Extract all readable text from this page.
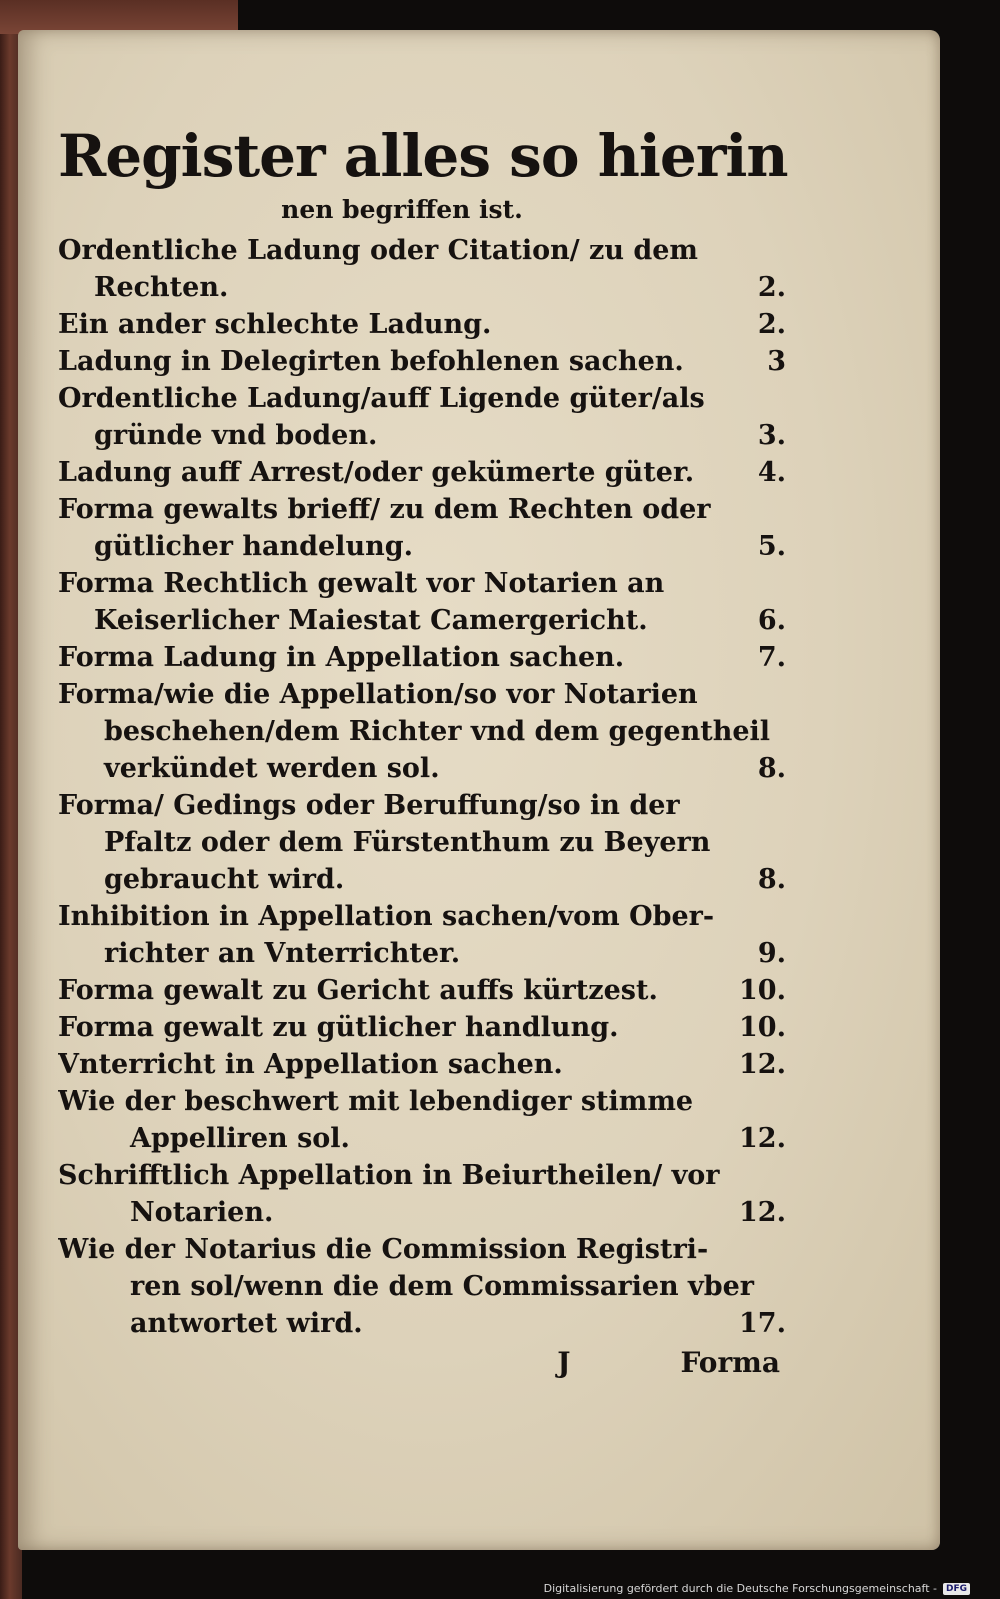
Register alles so hierin
nen begriffen ist.
Ordentliche Ladung oder Citation/ zu dem
Rechten.	2.
Ein ander schlechte Ladung.	2.
Ladung in Delegirten befohlenen sachen.	3
Ordentliche Ladung/auff Ligende güter/als
gründe vnd boden.	3.
Ladung auff Arrest/oder gekümerte güter. 4.
Forma gewalts brieff/ zu dem Rechten oder
gütlicher handelung.	5.
Forma Rechtlich gewalt vor Notarien an
Keiserlicher Maiestat Camergericht.	6.
Forma Ladung in Appellation sachen.	7.
Forma/wie die Appellation/so vor Notarien
beschehen/dem Richter vnd dem gegentheil
verkündet werden sol.	8.
Forma/ Gedings oder Beruffung/so in der
Pfaltz oder dem Fürstenthum zu Beyern
gebraucht wird.	8.
Inhibition in Appellation sachen/vom Ober-
richter an Vnterrichter.	9.
Forma gewalt zu Gericht auffs kürtzest.	10.
Forma gewalt zu gütlicher handlung.	10.
Vnterricht in Appellation sachen.	12.
Wie der beschwert mit lebendiger stimme
Appelliren sol.	12.
Schrifftlich Appellation in Beiurtheilen/ vor
Notarien.	12.
Wie der Notarius die Commission Registri-
ren sol/wenn die dem Commissarien vber
antwortet wird.	17.
J	Forma
Digitalisierung gefördert durch die Deutsche Forschungsgemeinschaft -	DFG
